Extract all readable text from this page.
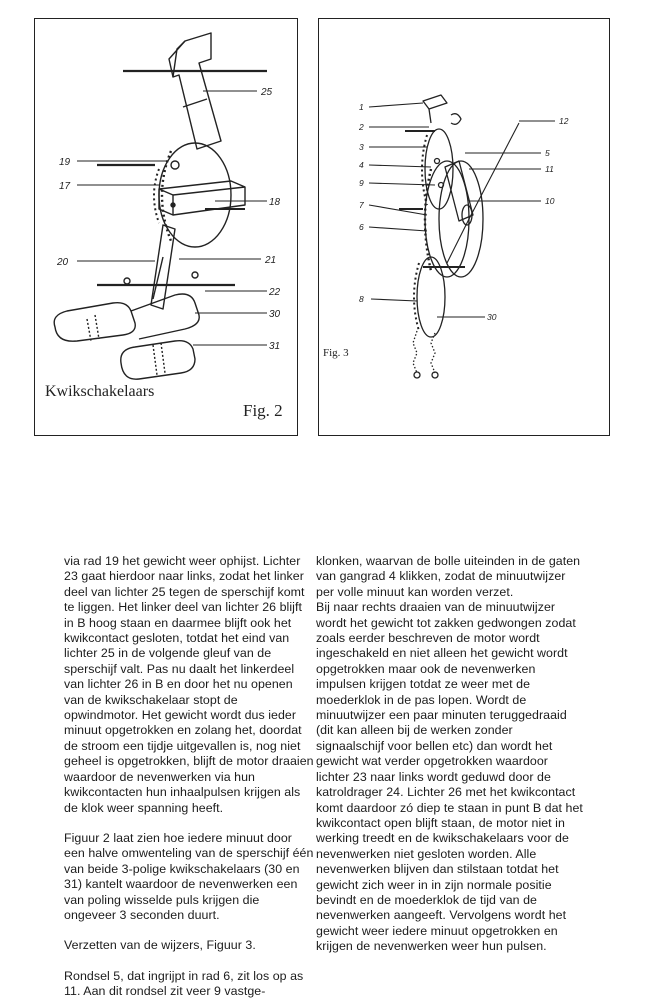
25
18
21
22
30
31
19
17
20
Kwikschakelaars
Fig. 2
1
2
3
4
9
7
6
8
12
5
11
10
30
Fig. 3

via rad 19 het gewicht weer ophijst. Lichter 23 gaat hierdoor naar links, zodat het linker deel van lichter 25 tegen de sperschijf komt te liggen. Het linker deel van lichter 26 blijft in B hoog staan en daarmee blijft ook het kwikcontact gesloten, totdat het eind van lichter 25 in de volgende gleuf van de sperschijf valt. Pas nu daalt het linkerdeel van lichter 26 in B en door het nu openen van de kwikschakelaar stopt de opwindmotor. Het gewicht wordt dus ieder minuut opgetrokken en zolang het, doordat de stroom een tijdje uitgevallen is, nog niet geheel is opgetrokken, blijft de motor draaien waardoor de nevenwerken via hun kwikcontacten hun inhaalpulsen krijgen als de klok weer spanning heeft.

Figuur 2 laat zien hoe iedere minuut door een halve omwenteling van de sperschijf één van beide 3-polige kwikschakelaars (30 en 31) kantelt waardoor de nevenwerken een van poling wisselde puls krijgen die ongeveer 3 seconden duurt.

Verzetten van de wijzers, Figuur 3.

Rondsel 5, dat ingrijpt in rad 6, zit los op as 11. Aan dit rondsel zit veer 9 vastge-

klonken, waarvan de bolle uiteinden in de gaten van gangrad 4 klikken, zodat de minuutwijzer per volle minuut kan worden verzet.

Bij naar rechts draaien van de minuutwijzer wordt het gewicht tot zakken gedwongen zodat zoals eerder beschreven de motor wordt ingeschakeld en niet alleen het gewicht wordt opgetrokken maar ook de nevenwerken impulsen krijgen totdat ze weer met de moederklok in de pas lopen. Wordt de minuutwijzer een paar minuten teruggedraaid (dit kan alleen bij de werken zonder signaalschijf voor bellen etc) dan wordt het gewicht wat verder opgetrokken waardoor lichter 23 naar links wordt geduwd door de katroldrager 24. Lichter 26 met het kwikcontact komt daardoor zó diep te staan in punt B dat het kwikcontact open blijft staan, de motor niet in werking treedt en de kwikschakelaars voor de nevenwerken niet gesloten worden. Alle nevenwerken blijven dan stilstaan totdat het gewicht zich weer in in zijn normale positie bevindt en de moederklok de tijd van de nevenwerken aangeeft. Vervolgens wordt het gewicht weer iedere minuut opgetrokken en krijgen de nevenwerken weer hun pulsen.
